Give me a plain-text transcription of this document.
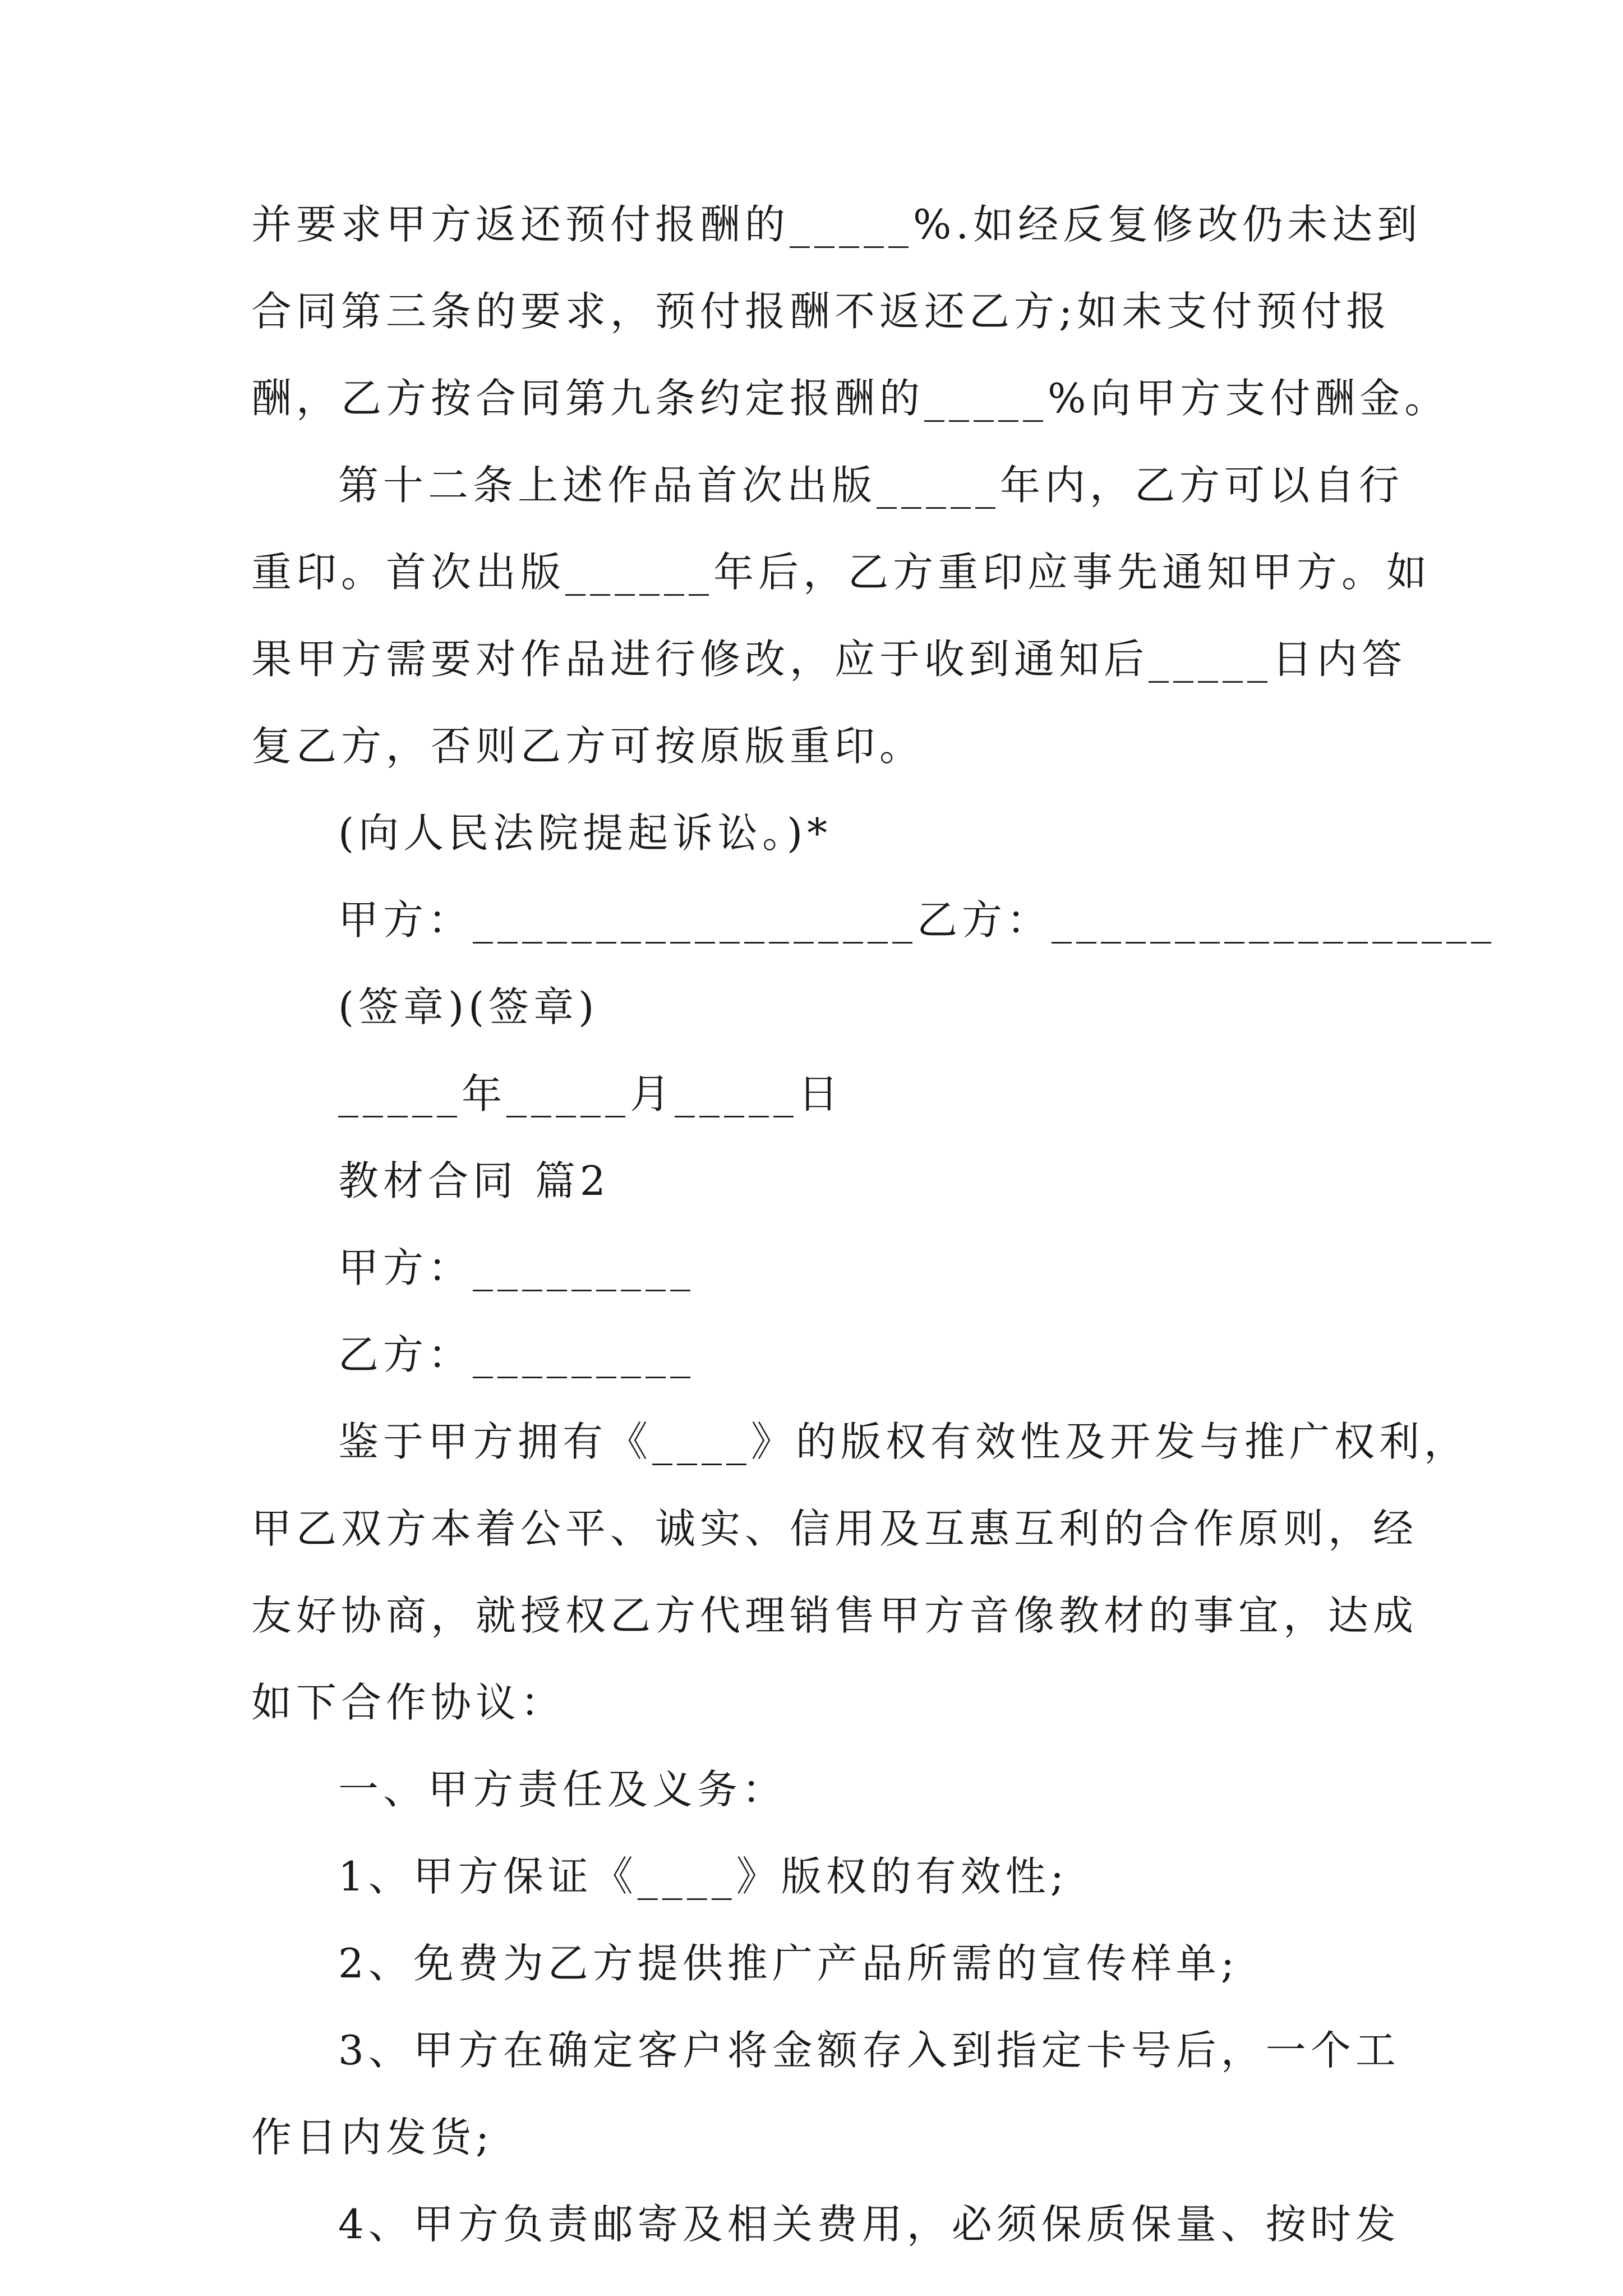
并要求甲方返还预付报酬的_____%.如经反复修改仍未达到
合同第三条的要求，预付报酬不返还乙方;如未支付预付报
酬，乙方按合同第九条约定报酬的_____%向甲方支付酬金。
第十二条上述作品首次出版_____年内，乙方可以自行
重印。首次出版______年后，乙方重印应事先通知甲方。如
果甲方需要对作品进行修改，应于收到通知后_____日内答
复乙方，否则乙方可按原版重印。
(向人民法院提起诉讼。)*
甲方：__________________乙方：__________________
(签章)(签章)
_____年_____月_____日
教材合同 篇2
甲方：_________
乙方：_________
鉴于甲方拥有《____》的版权有效性及开发与推广权利，
甲乙双方本着公平、诚实、信用及互惠互利的合作原则，经
友好协商，就授权乙方代理销售甲方音像教材的事宜，达成
如下合作协议：
一、甲方责任及义务：
1、甲方保证《____》版权的有效性;
2、免费为乙方提供推广产品所需的宣传样单;
3、甲方在确定客户将金额存入到指定卡号后，一个工
作日内发货;
4、甲方负责邮寄及相关费用，必须保质保量、按时发
